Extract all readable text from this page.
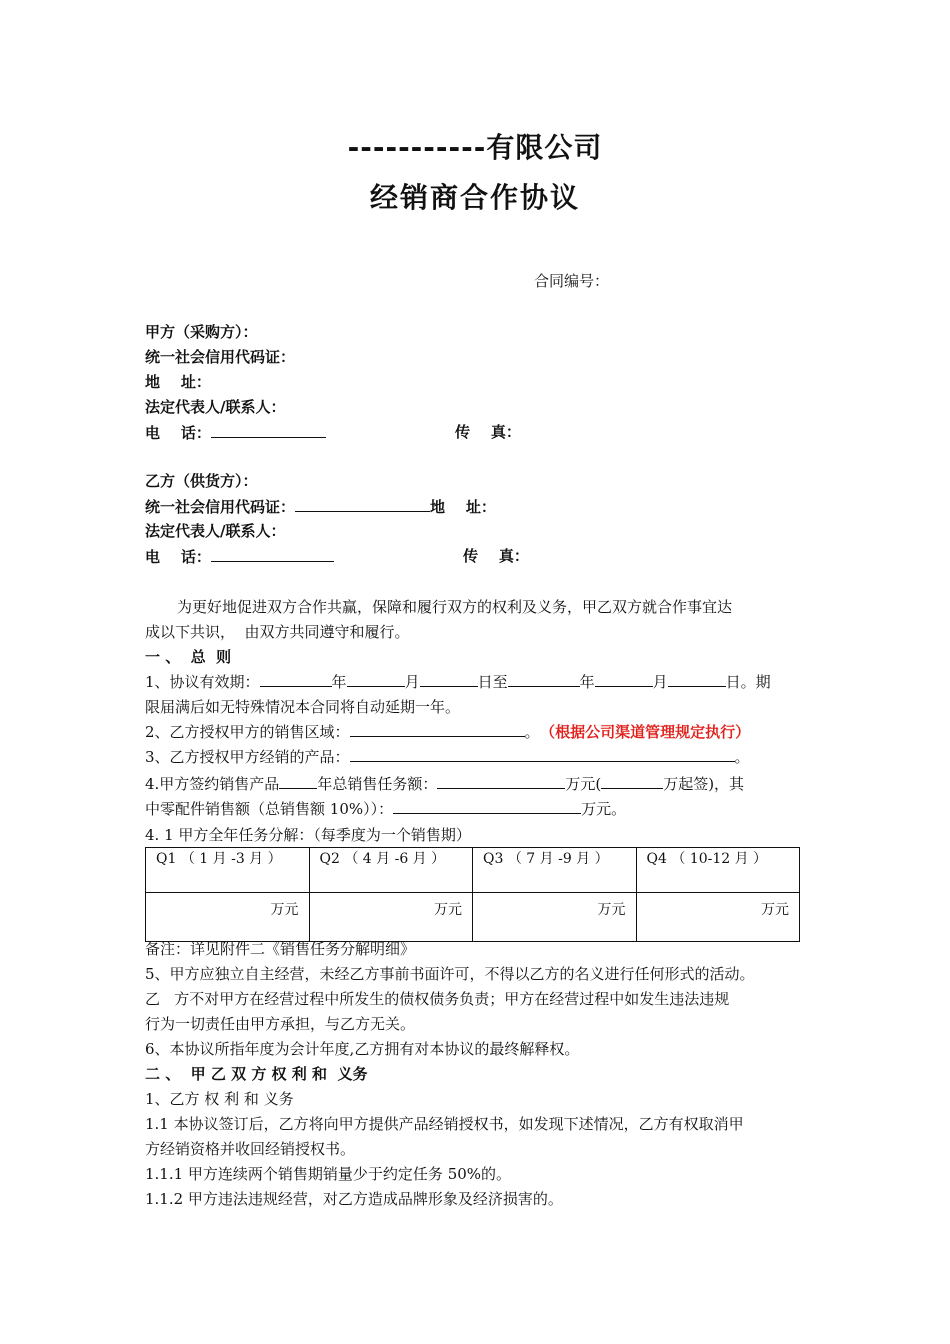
-----------有限公司
经销商合作协议
合同编号：
甲方（采购方）：
统一社会信用代码证：
地    址：
法定代表人/联系人：
电    话：	传    真：
乙方（供货方）：
统一社会信用代码证：	地    址：
法定代表人/联系人：
电    话：	传    真：
为更好地促进双方合作共赢，保障和履行双方的权利及义务，甲乙双方就合作事宜达
成以下共识，  由双方共同遵守和履行。
一 、  总  则
1、协议有效期：	年	月	日至	年	月	日。期
限届满后如无特殊情况本合同将自动延期一年。
2、乙方授权甲方的销售区域：	。 （根据公司渠道管理规定执行）
3、乙方授权甲方经销的产品：	。
4.甲方签约销售产品	年总销售任务额：	万元(	万起签)，其
中零配件销售额（总销售额 10%））：	万元。
4. 1 甲方全年任务分解：（每季度为一个销售期）
Q1 （ 1 月 -3 月 ）	Q2 （ 4 月 -6 月 ）	Q3 （ 7 月 -9 月 ）	Q4 （ 10-12 月 ）
万元	万元	万元	万元
备注：详见附件二《销售任务分解明细》
5、甲方应独立自主经营，未经乙方事前书面许可，不得以乙方的名义进行任何形式的活动。
乙   方不对甲方在经营过程中所发生的债权债务负责；甲方在经营过程中如发生违法违规
行为一切责任由甲方承担，与乙方无关。
6、本协议所指年度为会计年度,乙方拥有对本协议的最终解释权。
二 、  甲 乙 双 方 权 利 和  义务
1、乙方 权 利 和 义务
1.1 本协议签订后，乙方将向甲方提供产品经销授权书，如发现下述情况，乙方有权取消甲
方经销资格并收回经销授权书。
1.1.1 甲方连续两个销售期销量少于约定任务 50%的。
1.1.2 甲方违法违规经营，对乙方造成品牌形象及经济损害的。
